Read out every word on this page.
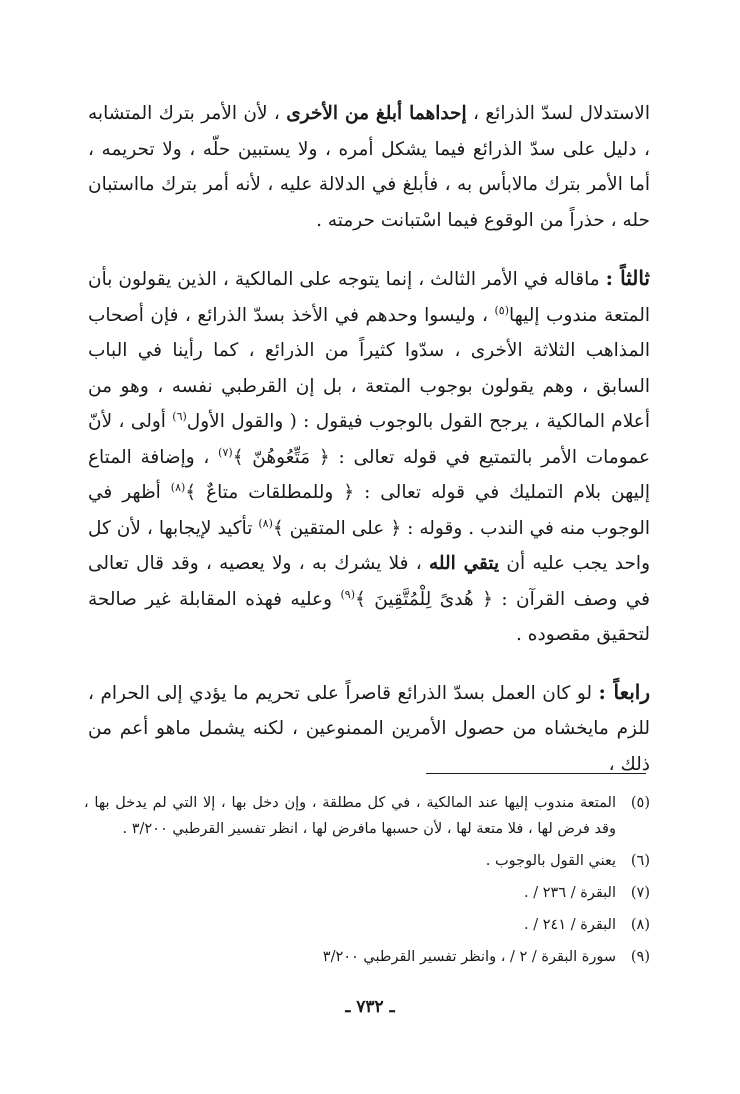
الاستدلال لسدّ الذرائع ، إحداهما أبلغ من الأخرى ، لأن الأمر بترك المتشابه ، دليل على سدّ الذرائع فيما يشكل أمره ، ولا يستبين حلّه ، ولا تحريمه ، أما الأمر بترك مالابأس به ، فأبلغ في الدلالة عليه ، لأنه أمر بترك مااستبان حله ، حذراً من الوقوع فيما اسْتبانت حرمته .

ثالثاً : ماقاله في الأمر الثالث ، إنما يتوجه على المالكية ، الذين يقولون بأن المتعة مندوب إليها$^{(٥)}$ ، وليسوا وحدهم في الأخذ بسدّ الذرائع ، فإن أصحاب المذاهب الثلاثة الأخرى ، سدّوا كثيراً من الذرائع ، كما رأينا في الباب السابق ، وهم يقولون بوجوب المتعة ، بل إن القرطبي نفسه ، وهو من أعلام المالكية ، يرجح القول بالوجوب فيقول : ( والقول الأول$^{(٦)}$ أولى ، لأنّ عمومات الأمر بالتمتيع في قوله تعالى : ﴿ مَتِّعُوهُنّ ﴾$^{(٧)}$ ، وإضافة المتاع إليهن بلام التمليك في قوله تعالى : ﴿ وللمطلقات متاعٌ ﴾$^{(٨)}$ أظهر في الوجوب منه في الندب . وقوله : ﴿ على المتقين ﴾$^{(٨)}$ تأكيد لإيجابها ، لأن كل واحد يجب عليه أن يتقي الله ، فلا يشرك به ، ولا يعصيه ، وقد قال تعالى في وصف القرآن : ﴿ هُدىً لِلْمُتَّقِينَ ﴾$^{(٩)}$ وعليه فهذه المقابلة غير صالحة لتحقيق مقصوده .

رابعاً : لو كان العمل بسدّ الذرائع قاصراً على تحريم ما يؤدي إلى الحرام ، للزم مايخشاه من حصول الأمرين الممنوعين ، لكنه يشمل ماهو أعم من ذلك ،

(٥)
المتعة مندوب إليها عند المالكية ، في كل مطلقة ، وإن دخل بها ، إلا التي لم يدخل بها ، وقد فرض لها ، فلا متعة لها ، لأن حسبها مافرض لها ، انظر تفسير القرطبي ٣/٢٠٠ .
(٦)
يعني القول بالوجوب .
(٧)
البقرة / ٢٣٦ / .
(٨)
البقرة / ٢٤١ / .
(٩)
سورة البقرة / ٢ / ، وانظر تفسير القرطبي ٣/٢٠٠
ـ ٧٣٢ ـ
